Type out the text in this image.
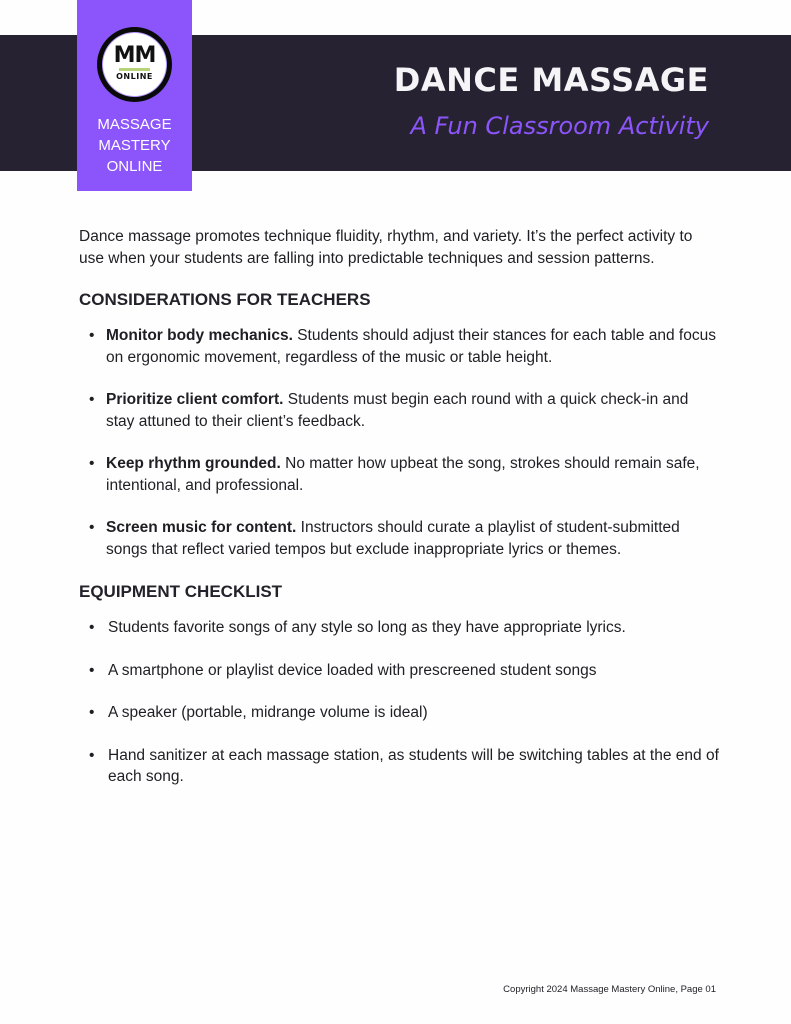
MM
ONLINE
MASSAGE
MASTERY
ONLINE
DANCE MASSAGE
A Fun Classroom Activity

Dance massage promotes technique fluidity, rhythm, and variety. It’s the perfect activity to use when your students are falling into predictable techniques and session patterns.

CONSIDERATIONS FOR TEACHERS
• Monitor body mechanics. Students should adjust their stances for each table and focus on ergonomic movement, regardless of the music or table height.
• Prioritize client comfort. Students must begin each round with a quick check-in and stay attuned to their client’s feedback.
• Keep rhythm grounded. No matter how upbeat the song, strokes should remain safe, intentional, and professional.
• Screen music for content. Instructors should curate a playlist of student-submitted songs that reflect varied tempos but exclude inappropriate lyrics or themes.
EQUIPMENT CHECKLIST
• Students favorite songs of any style so long as they have appropriate lyrics.
• A smartphone or playlist device loaded with prescreened student songs
• A speaker (portable, midrange volume is ideal)
• Hand sanitizer at each massage station, as students will be switching tables at the end of each song.
Copyright 2024 Massage Mastery Online, Page 01
